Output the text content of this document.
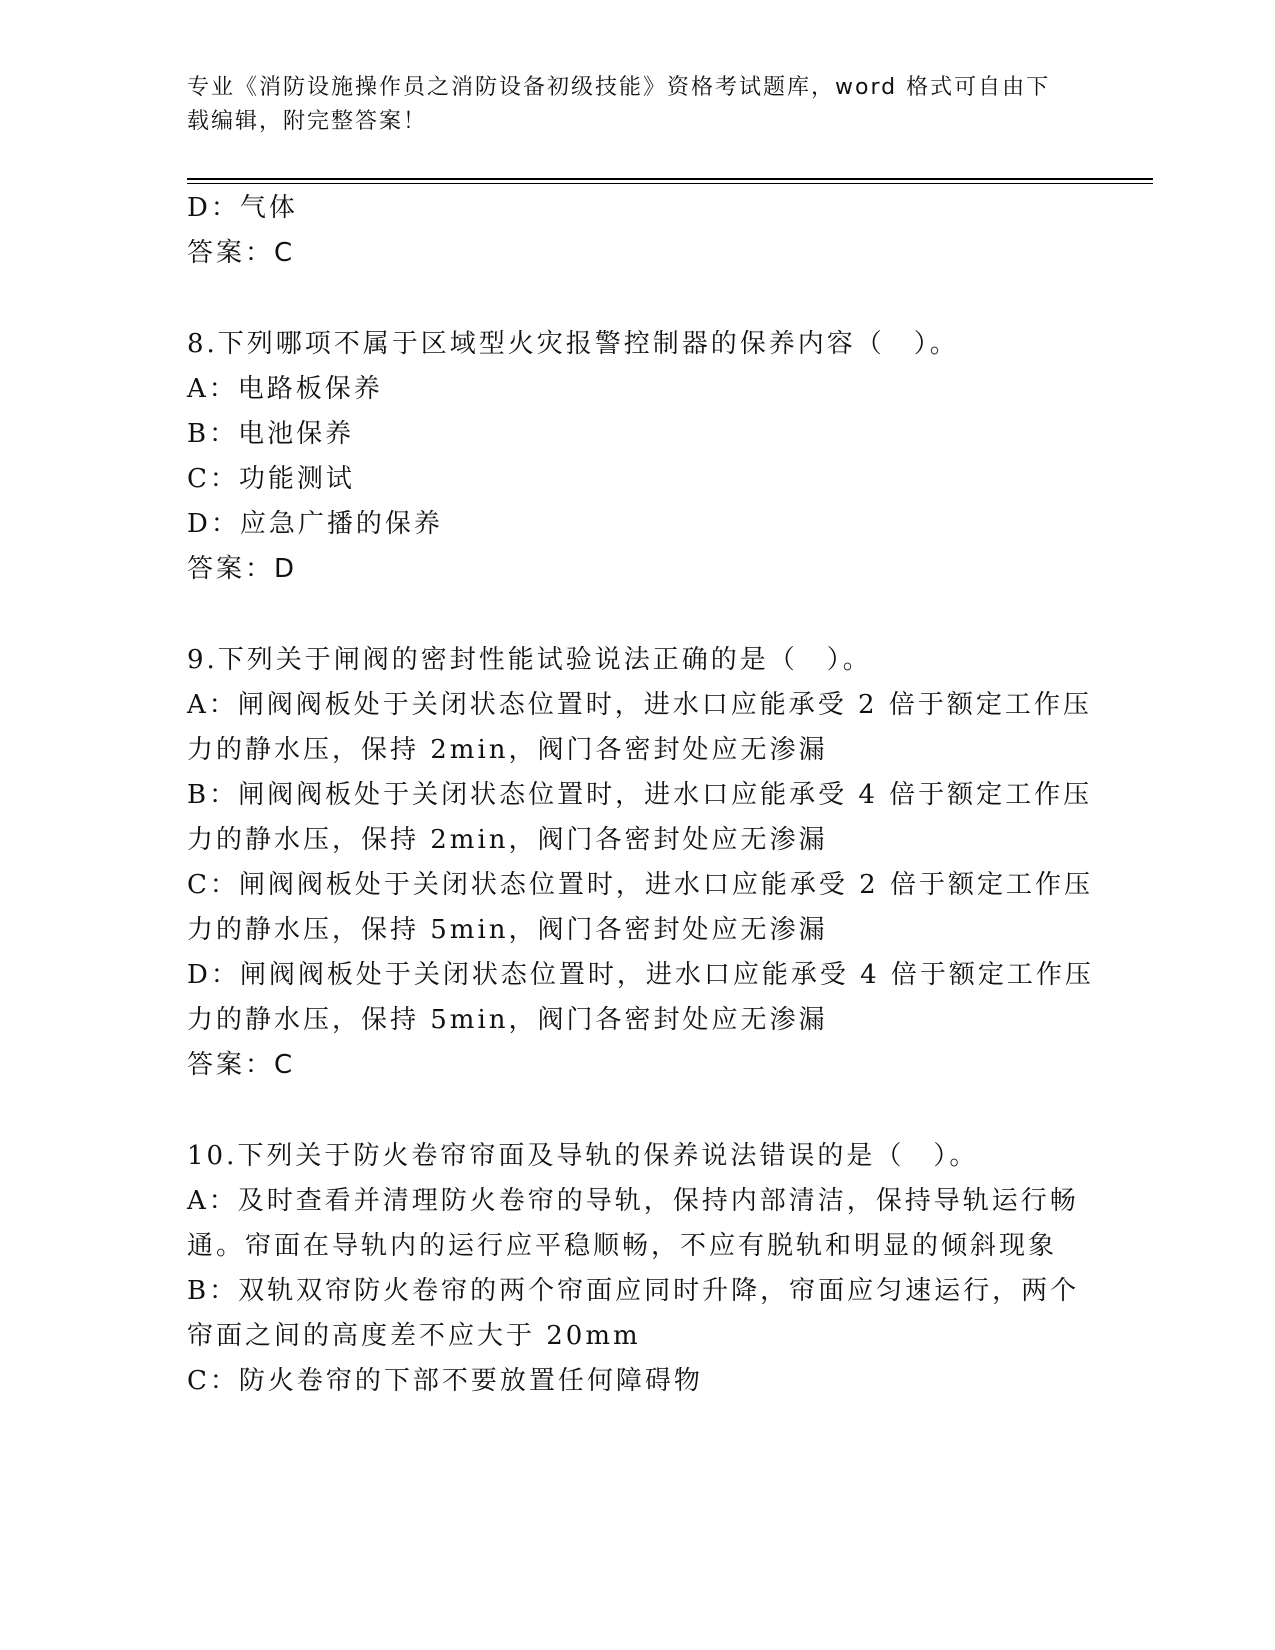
专业《消防设施操作员之消防设备初级技能》资格考试题库，word 格式可自由下
载编辑，附完整答案！
D：气体
答案：C
8.下列哪项不属于区域型火灾报警控制器的保养内容（　）。
A：电路板保养
B：电池保养
C：功能测试
D：应急广播的保养
答案：D
9.下列关于闸阀的密封性能试验说法正确的是（　）。
A：闸阀阀板处于关闭状态位置时，进水口应能承受 2 倍于额定工作压
力的静水压，保持 2min，阀门各密封处应无渗漏
B：闸阀阀板处于关闭状态位置时，进水口应能承受 4 倍于额定工作压
力的静水压，保持 2min，阀门各密封处应无渗漏
C：闸阀阀板处于关闭状态位置时，进水口应能承受 2 倍于额定工作压
力的静水压，保持 5min，阀门各密封处应无渗漏
D：闸阀阀板处于关闭状态位置时，进水口应能承受 4 倍于额定工作压
力的静水压，保持 5min，阀门各密封处应无渗漏
答案：C
10.下列关于防火卷帘帘面及导轨的保养说法错误的是（　）。
A：及时查看并清理防火卷帘的导轨，保持内部清洁，保持导轨运行畅
通。帘面在导轨内的运行应平稳顺畅，不应有脱轨和明显的倾斜现象
B：双轨双帘防火卷帘的两个帘面应同时升降，帘面应匀速运行，两个
帘面之间的高度差不应大于 20mm
C：防火卷帘的下部不要放置任何障碍物
